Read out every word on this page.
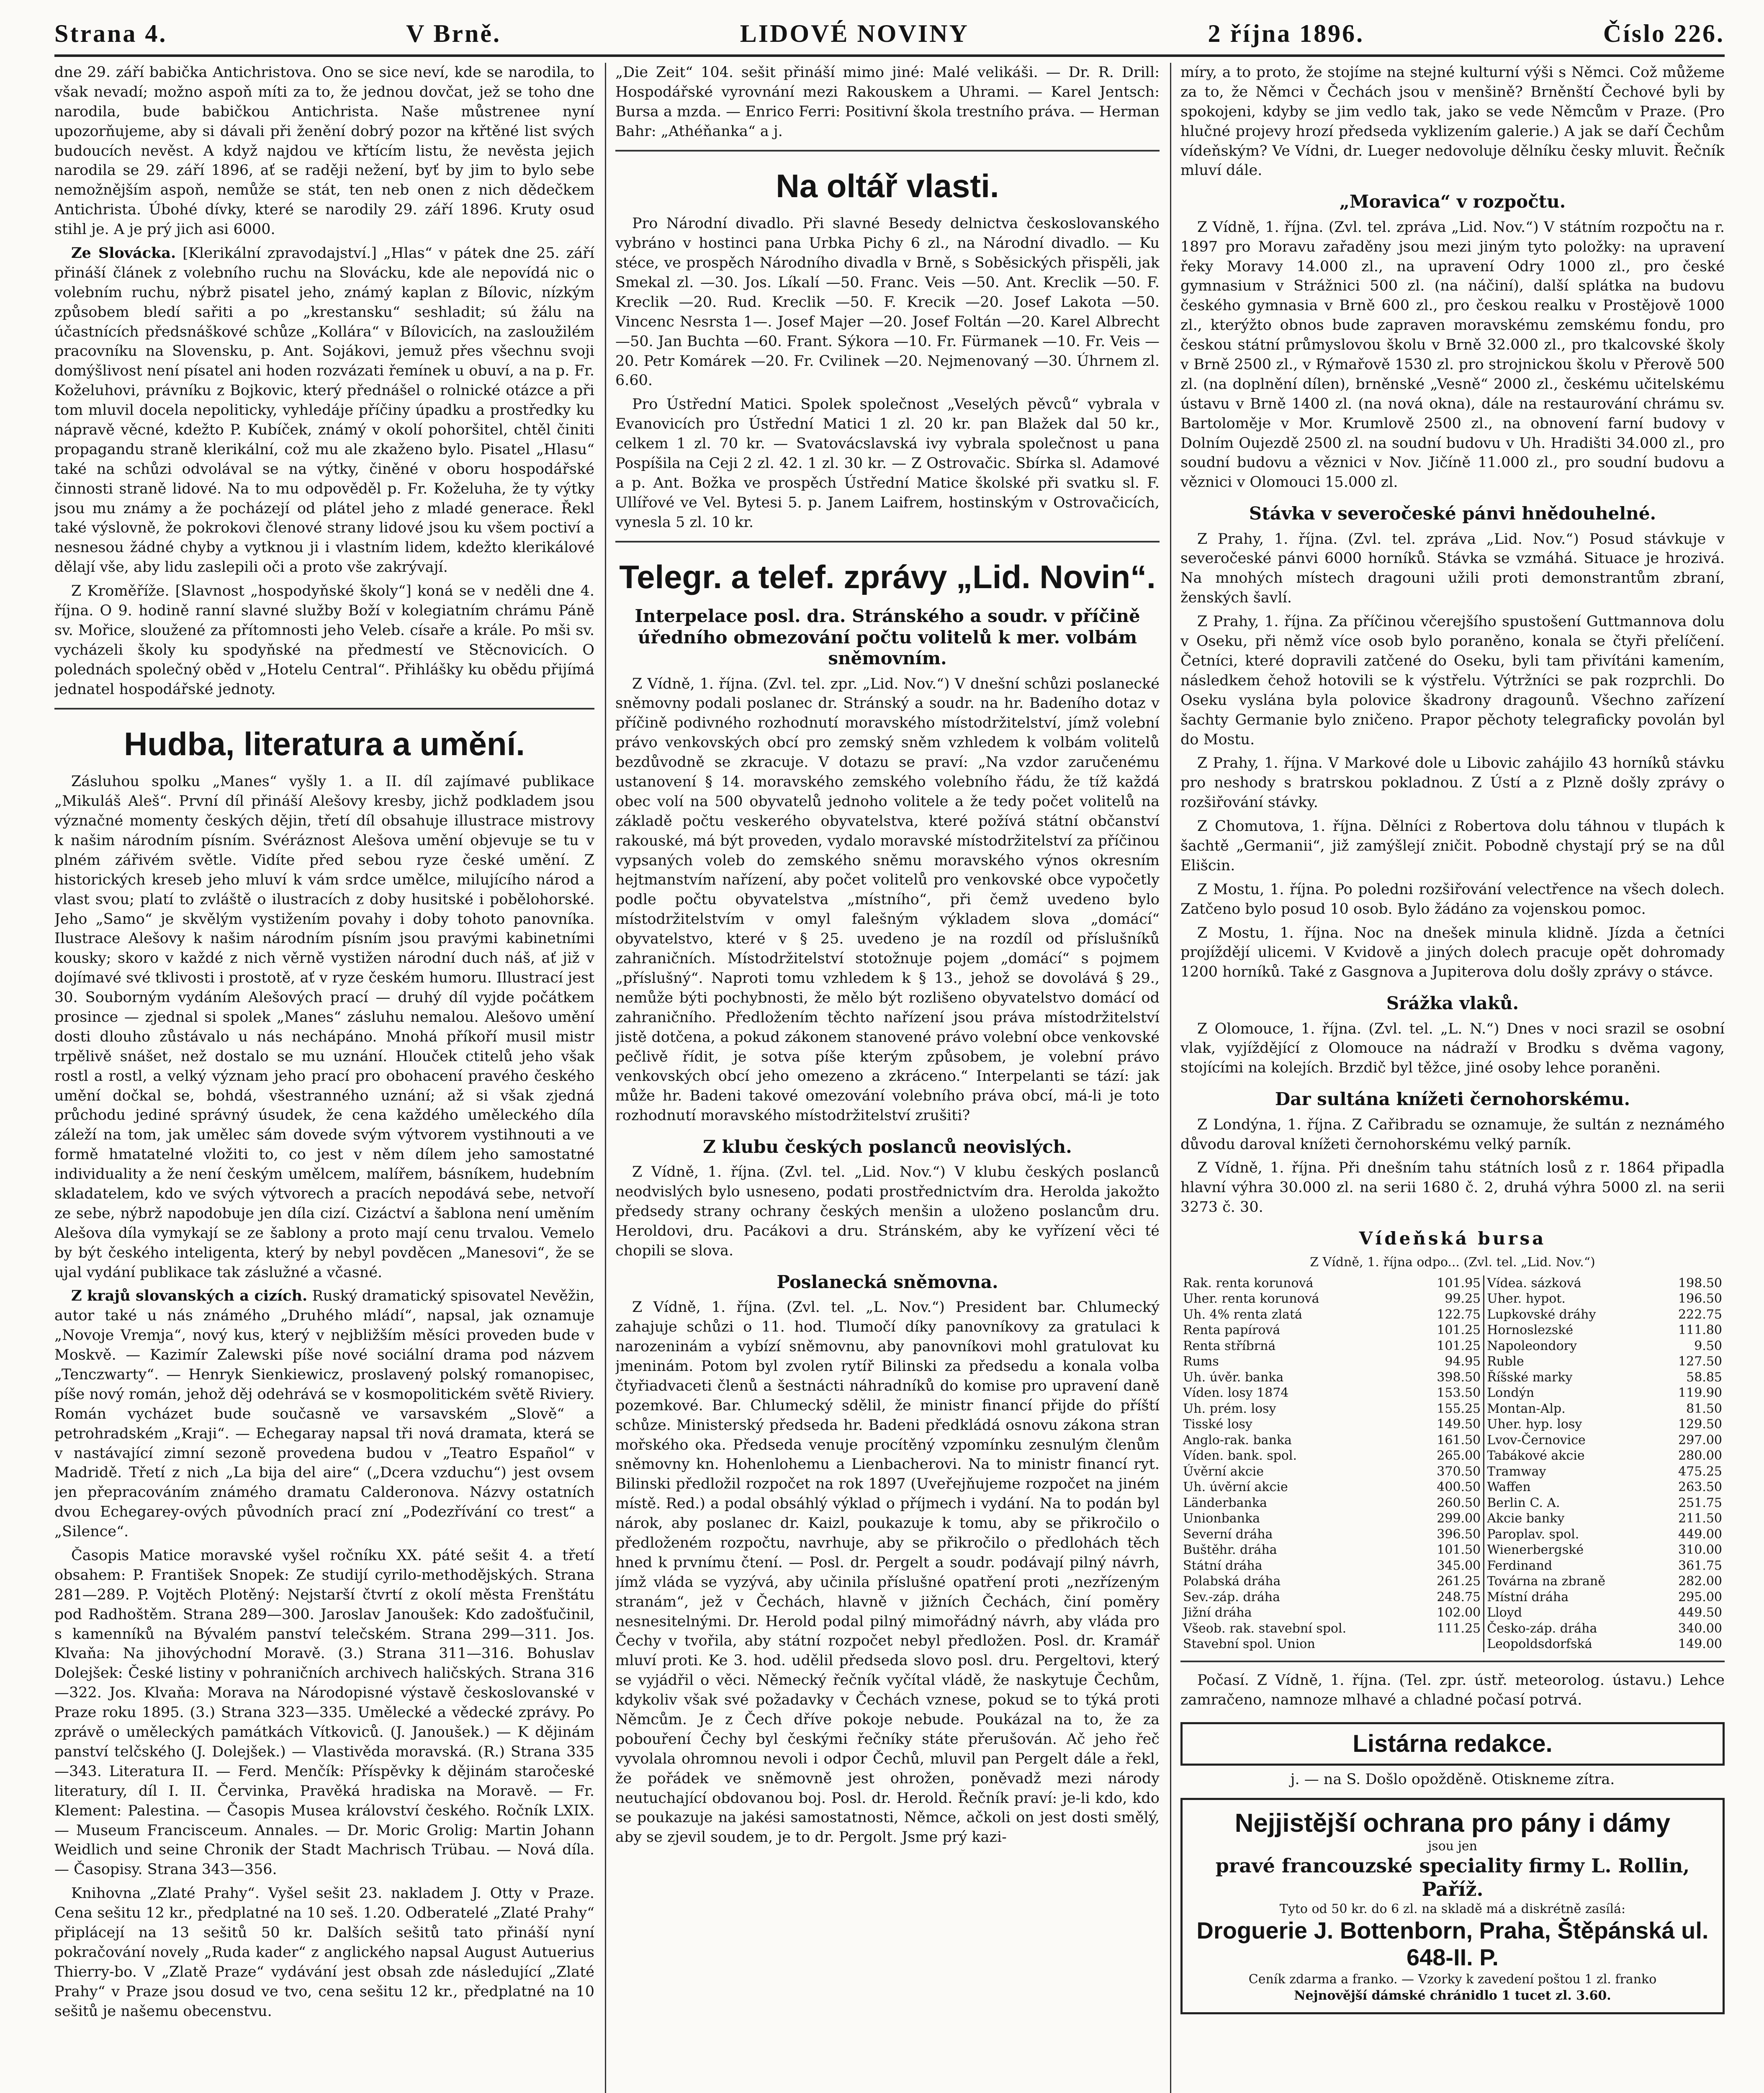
Strana 4.	V Brně.	LIDOVÉ NOVINY	2 října 1896.	Číslo 226.

dne 29. září babička Antichristova. Ono se sice neví, kde se narodila, to však nevadí; možno aspoň míti za to, že jednou dovčat, jež se toho dne narodila, bude babičkou Antichrista. Naše můstrenee nyní upozorňujeme, aby si dávali při ženění dobrý pozor na křtěné list svých budoucích nevěst. A když najdou ve křtícím listu, že nevěsta jejich narodila se 29. září 1896, ať se raději nežení, byť by jim to bylo sebe nemožnějším aspoň, nemůže se stát, ten neb onen z nich dědečkem Antichrista. Úbohé dívky, které se narodily 29. září 1896. Kruty osud stihl je. A je prý jich asi 6000.

Ze Slovácka. [Klerikální zpravodajství.] „Hlas“ v pátek dne 25. září přináší článek z volebního ruchu na Slovácku, kde ale nepovídá nic o volebním ruchu, nýbrž pisatel jeho, známý kaplan z Bílovic, nízkým způsobem bledí sařiti a po „krestansku“ seshladit; sú žálu na účastnících předsnáškové schůze „Kollára“ v Bílovicích, na zasloužilém pracovníku na Slovensku, p. Ant. Sojákovi, jemuž přes všechnu svoji domýšlivost není písatel ani hoden rozvázati řemínek u obuví, a na p. Fr. Koželuhovi, právníku z Bojkovic, který přednášel o rolnické otázce a při tom mluvil docela nepoliticky, vyhledáje příčiny úpadku a prostředky ku nápravě věcné, kdežto P. Kubíček, známý v okolí pohoršitel, chtěl činiti propagandu straně klerikální, což mu ale zkaženo bylo. Pisatel „Hlasu“ také na schůzi odvolával se na výtky, činěné v oboru hospodářské činnosti straně lidové. Na to mu odpověděl p. Fr. Koželuha, že ty výtky jsou mu známy a že pocházejí od plátel jeho z mladé generace. Řekl také výslovně, že pokrokovi členové strany lidové jsou ku všem poctiví a nesnesou žádné chyby a vytknou ji i vlastním lidem, kdežto klerikálové dělají vše, aby lidu zaslepili oči a proto vše zakrývají.

Z Kroměříže. [Slavnost „hospodyňské školy“] koná se v neděli dne 4. října. O 9. hodině ranní slavné služby Boží v kolegiatním chrámu Páně sv. Mořice, sloužené za přítomnosti jeho Veleb. císaře a krále. Po mši sv. vycházeli školy ku spodyňské na předmestí ve Stěcnovicích. O polednách společný oběd v „Hotelu Central“. Přihlášky ku obědu přijímá jednatel hospodářské jednoty.

Hudba, literatura a umění.

Zásluhou spolku „Manes“ vyšly 1. a II. díl zajímavé publikace „Mikuláš Aleš“. První díl přináší Alešovy kresby, jichž podkladem jsou význačné momenty českých dějin, třetí díl obsahuje illustrace mistrovy k našim národním písním. Svéráznost Alešova umění objevuje se tu v plném zářivém světle. Vidíte před sebou ryze české umění. Z historických kreseb jeho mluví k vám srdce umělce, milujícího národ a vlast svou; platí to zvláště o ilustracích z doby husitské i pobělohorské. Jeho „Samo“ je skvělým vystižením povahy i doby tohoto panovníka. Ilustrace Alešovy k našim národním písním jsou pravými kabinetními kousky; skoro v každé z nich věrně vystižen národní duch náš, ať již v dojímavé své tklivosti i prostotě, ať v ryze českém humoru. Illustrací jest 30. Souborným vydáním Alešových prací — druhý díl vyjde počátkem prosince — zjednal si spolek „Manes“ zásluhu nemalou. Alešovo umění dosti dlouho zůstávalo u nás nechápáno. Mnohá příkoří musil mistr trpělivě snášet, než dostalo se mu uznání. Hlouček ctitelů jeho však rostl a rostl, a velký význam jeho prací pro obohacení pravého českého umění dočkal se, bohdá, všestranného uznání; až si však zjedná průchodu jediné správný úsudek, že cena každého uměleckého díla záleží na tom, jak umělec sám dovede svým výtvorem vystihnouti a ve formě hmatatelné vložiti to, co jest v něm dílem jeho samostatné individuality a že není českým umělcem, malířem, básníkem, hudebním skladatelem, kdo ve svých výtvorech a pracích nepodává sebe, netvoří ze sebe, nýbrž napodobuje jen díla cizí. Cizáctví a šablona není uměním Alešova díla vymykají se ze šablony a proto mají cenu trvalou. Vemelo by být českého inteligenta, který by nebyl povděcen „Manesovi“, že se ujal vydání publikace tak záslužné a včasné.

Z krajů slovanských a cizích. Ruský dramatický spisovatel Nevěžin, autor také u nás známého „Druhého mládí“, napsal, jak oznamuje „Novoje Vremja“, nový kus, který v nejbližším měsíci proveden bude v Moskvě. — Kazimír Zalewski píše nové sociální drama pod názvem „Tenczwarty“. — Henryk Sienkiewicz, proslavený polský romanopisec, píše nový román, jehož děj odehrává se v kosmopolitickém světě Riviery. Román vycházet bude současně ve varsavském „Slově“ a petrohradském „Kraji“. — Echegaray napsal tři nová dramata, která se v nastávající zimní sezoně provedena budou v „Teatro Español“ v Madridě. Třetí z nich „La bija del aire“ („Dcera vzduchu“) jest ovsem jen přepracováním známého dramatu Calderonova. Názvy ostatních dvou Echegarey-ových původních prací zní „Podezřívání co trest“ a „Silence“.

Časopis Matice moravské vyšel ročníku XX. páté sešit 4. a třetí obsahem: P. František Snopek: Ze studijí cyrilo-methodějských. Strana 281—289. P. Vojtěch Plotěný: Nejstarší čtvrtí z okolí města Frenštátu pod Radhoštěm. Strana 289—300. Jaroslav Janoušek: Kdo zadošťučinil, s kamenníků na Bývalém panství telečském. Strana 299—311. Jos. Klvaňa: Na jihovýchodní Moravě. (3.) Strana 311—316. Bohuslav Dolejšek: České listiny v pohraničních archivech haličských. Strana 316—322. Jos. Klvaňa: Morava na Národopisné výstavě českoslovanské v Praze roku 1895. (3.) Strana 323—335. Umělecké a vědecké zprávy. Po zprávě o uměleckých památkách Vítkoviců. (J. Janoušek.) — K dějinám panství telčského (J. Dolejšek.) — Vlastivěda moravská. (R.) Strana 335—343. Literatura II. — Ferd. Menčík: Příspěvky k dějinám staročeské literatury, díl I. II. Červinka, Pravěká hradiska na Moravě. — Fr. Klement: Palestina. — Časopis Musea království českého. Ročník LXIX. — Museum Francisceum. Annales. — Dr. Moric Grolig: Martin Johann Weidlich und seine Chronik der Stadt Machrisch Trübau. — Nová díla. — Časopisy. Strana 343—356.

Knihovna „Zlaté Prahy“. Vyšel sešit 23. nakladem J. Otty v Praze. Cena sešitu 12 kr., předplatné na 10 seš. 1.20. Odberatelé „Zlaté Prahy“ připlácejí na 13 sešitů 50 kr. Dalších sešitů tato přináší nyní pokračování novely „Ruda kader“ z anglického napsal August Autuerius Thierry-bo. V „Zlatě Praze“ vydávání jest obsah zde následující „Zlaté Prahy“ v Praze jsou dosud ve tvo, cena sešitu 12 kr., předplatné na 10 sešitů je našemu obecenstvu.

„Die Zeit“ 104. sešit přináší mimo jiné: Malé velikáši. — Dr. R. Drill: Hospodářské vyrovnání mezi Rakouskem a Uhrami. — Karel Jentsch: Bursa a mzda. — Enrico Ferri: Positivní škola trestního práva. — Herman Bahr: „Athéňanka“ a j.

Na oltář vlasti.

Pro Národní divadlo. Při slavné Besedy delnictva českoslovanského vybráno v hostinci pana Urbka Pichy 6 zl., na Národní divadlo. — Ku stéce, ve prospěch Národního divadla v Brně, s Soběsických přispěli, jak Smekal zl. —30. Jos. Líkalí —50. Franc. Veis —50. Ant. Kreclik —50. F. Kreclik —20. Rud. Kreclik —50. F. Krecik —20. Josef Lakota —50. Vincenc Nesrsta 1—. Josef Majer —20. Josef Foltán —20. Karel Albrecht —50. Jan Buchta —60. Frant. Sýkora —10. Fr. Fürmanek —10. Fr. Veis —20. Petr Komárek —20. Fr. Cvilinek —20. Nejmenovaný —30. Úhrnem zl. 6.60.

Pro Ústřední Matici. Spolek společnost „Veselých pěvců“ vybrala v Evanovicích pro Ústřední Matici 1 zl. 20 kr. pan Blažek dal 50 kr., celkem 1 zl. 70 kr. — Svatovácslavská ivy vybrala společnost u pana Pospíšila na Ceji 2 zl. 42. 1 zl. 30 kr. — Z Ostrovačic. Sbírka sl. Adamové a p. Ant. Božka ve prospěch Ústřední Matice školské při svatku sl. F. Ullířové ve Vel. Bytesi 5. p. Janem Laifrem, hostinským v Ostrovačicích, vynesla 5 zl. 10 kr.

Telegr. a telef. zprávy „Lid. Novin“.
Interpelace posl. dra. Stránského a soudr. v příčině úředního obmezování počtu volitelů k mer. volbám sněmovním.

Z Vídně, 1. října. (Zvl. tel. zpr. „Lid. Nov.“) V dnešní schůzi poslanecké sněmovny podali poslanec dr. Stránský a soudr. na hr. Badeního dotaz v příčině podivného rozhodnutí moravského místodržitelství, jímž volební právo venkovských obcí pro zemský sněm vzhledem k volbám volitelů bezdůvodně se zkracuje. V dotazu se praví: „Na vzdor zaručenému ustanovení § 14. moravského zemského volebního řádu, že tíž každá obec volí na 500 obyvatelů jednoho volitele a že tedy počet volitelů na základě počtu veskerého obyvatelstva, které požívá státní občanství rakouské, má být proveden, vydalo moravské místodržitelství za příčinou vypsaných voleb do zemského sněmu moravského výnos okresním hejtmanstvím nařízení, aby počet volitelů pro venkovské obce vypočetly podle počtu obyvatelstva „místního“, při čemž uvedeno bylo místodržitelstvím v omyl falešným výkladem slova „domácí“ obyvatelstvo, které v § 25. uvedeno je na rozdíl od příslušníků zahraničních. Místodržitelství stotožnuje pojem „domácí“ s pojmem „příslušný“. Naproti tomu vzhledem k § 13., jehož se dovolává § 29., nemůže býti pochybnosti, že mělo být rozlišeno obyvatelstvo domácí od zahraničního. Předložením těchto nařízení jsou práva místodržitelství jistě dotčena, a pokud zákonem stanovené právo volební obce venkovské pečlivě řídit, je sotva píše kterým způsobem, je volební právo venkovských obcí jeho omezeno a zkráceno.“ Interpelanti se tází: jak může hr. Badeni takové omezování volebního práva obcí, má-li je toto rozhodnutí moravského místodržitelství zrušiti?

Z klubu českých poslanců neovislých.

Z Vídně, 1. října. (Zvl. tel. „Lid. Nov.“) V klubu českých poslanců neodvislých bylo usneseno, podati prostřednictvím dra. Herolda jakožto předsedy strany ochrany českých menšin a uloženo poslancům dru. Heroldovi, dru. Pacákovi a dru. Stránském, aby ke vyřízení věci té chopili se slova.

Poslanecká sněmovna.

Z Vídně, 1. října. (Zvl. tel. „L. Nov.“) President bar. Chlumecký zahajuje schůzi o 11. hod. Tlumočí díky panovníkovy za gratulaci k narozeninám a vybízí sněmovnu, aby panovníkovi mohl gratulovat ku jmeninám. Potom byl zvolen rytíř Bilinski za předsedu a konala volba čtyřiadvaceti členů a šestnácti náhradníků do komise pro upravení daně pozemkové. Bar. Chlumecký sdělil, že ministr financí přijde do příští schůze. Ministerský předseda hr. Badeni předkládá osnovu zákona stran mořského oka. Předseda venuje procítěný vzpomínku zesnulým členům sněmovny kn. Hohenlohemu a Lienbacherovi. Na to ministr financí ryt. Bilinski předložil rozpočet na rok 1897 (Uveřejňujeme rozpočet na jiném místě. Red.) a podal obsáhlý výklad o příjmech i vydání. Na to podán byl nárok, aby poslanec dr. Kaizl, poukazuje k tomu, aby se přikročilo o předloženém rozpočtu, navrhuje, aby se přikročilo o předlohách těch hned k prvnímu čtení. — Posl. dr. Pergelt a soudr. podávají pilný návrh, jímž vláda se vyzývá, aby učinila příslušné opatření proti „nezřízeným stranám“, jež v Čechách, hlavně v jižních Čechách, činí poměry nesnesitelnými. Dr. Herold podal pilný mimořádný návrh, aby vláda pro Čechy v tvořila, aby státní rozpočet nebyl předložen. Posl. dr. Kramář mluví proti. Ke 3. hod. udělil předseda slovo posl. dru. Pergeltovi, který se vyjádřil o věci. Německý řečník vyčítal vládě, že naskytuje Čechům, kdykoliv však své požadavky v Čechách vznese, pokud se to týká proti Němcům. Je z Čech dříve pokoje nebude. Poukázal na to, že za pobouření Čechy byl českými řečníky státe přerušován. Ač jeho řeč vyvolala ohromnou nevoli i odpor Čechů, mluvil pan Pergelt dále a řekl, že pořádek ve sněmovně jest ohrožen, poněvadž mezi národy neutuchající obdovanou boj. Posl. dr. Herold. Řečník praví: je-li kdo, kdo se poukazuje na jakési samostatnosti, Němce, ačkoli on jest dosti smělý, aby se zjevil soudem, je to dr. Pergolt. Jsme prý kazi-

míry, a to proto, že stojíme na stejné kulturní výši s Němci. Což můžeme za to, že Němci v Čechách jsou v menšině? Brněnští Čechové byli by spokojeni, kdyby se jim vedlo tak, jako se vede Němcům v Praze. (Pro hlučné projevy hrozí předseda vyklizením galerie.) A jak se daří Čechům vídeňským? Ve Vídni, dr. Lueger nedovoluje dělníku česky mluvit. Řečník mluví dále.

„Moravica“ v rozpočtu.

Z Vídně, 1. října. (Zvl. tel. zpráva „Lid. Nov.“) V státním rozpočtu na r. 1897 pro Moravu zařaděny jsou mezi jiným tyto položky: na upravení řeky Moravy 14.000 zl., na upravení Odry 1000 zl., pro české gymnasium v Strážnici 500 zl. (na náčiní), další splátka na budovu českého gymnasia v Brně 600 zl., pro českou realku v Prostějově 1000 zl., kterýžto obnos bude zapraven moravskému zemskému fondu, pro českou státní průmyslovou školu v Brně 32.000 zl., pro tkalcovské školy v Brně 2500 zl., v Rýmařově 1530 zl. pro strojnickou školu v Přerově 500 zl. (na doplnění dílen), brněnské „Vesně“ 2000 zl., českému učitelskému ústavu v Brně 1400 zl. (na nová okna), dále na restaurování chrámu sv. Bartoloměje v Mor. Krumlově 2500 zl., na obnovení farní budovy v Dolním Oujezdě 2500 zl. na soudní budovu v Uh. Hradišti 34.000 zl., pro soudní budovu a věznici v Nov. Jičíně 11.000 zl., pro soudní budovu a věznici v Olomouci 15.000 zl.

Stávka v severočeské pánvi hnědouhelné.

Z Prahy, 1. října. (Zvl. tel. zpráva „Lid. Nov.“) Posud stávkuje v severočeské pánvi 6000 horníků. Stávka se vzmáhá. Situace je hrozivá. Na mnohých místech dragouni užili proti demonstrantům zbraní, ženských šavlí.

Z Prahy, 1. října. Za příčinou včerejšího spustošení Guttmannova dolu v Oseku, při němž více osob bylo poraněno, konala se čtyři přelíčení. Četníci, které dopravili zatčené do Oseku, byli tam přivítáni kamením, následkem čehož hotovili se k výstřelu. Výtržníci se pak rozprchli. Do Oseku vyslána byla polovice škadrony dragounů. Všechno zařízení šachty Germanie bylo zničeno. Prapor pěchoty telegraficky povolán byl do Mostu.

Z Prahy, 1. října. V Markové dole u Libovic zahájilo 43 horníků stávku pro neshody s bratrskou pokladnou. Z Ústí a z Plzně došly zprávy o rozšiřování stávky.

Z Chomutova, 1. října. Dělníci z Robertova dolu táhnou v tlupách k šachtě „Germanii“, již zamýšlejí zničit. Pobodně chystají prý se na důl Elišcin.

Z Mostu, 1. října. Po poledni rozšiřování velectřence na všech dolech. Zatčeno bylo posud 10 osob. Bylo žádáno za vojenskou pomoc.

Z Mostu, 1. října. Noc na dnešek minula klidně. Jízda a četníci projíždějí ulicemi. V Kvidově a jiných dolech pracuje opět dohromady 1200 horníků. Také z Gasgnova a Jupiterova dolu došly zprávy o stávce.

Srážka vlaků.

Z Olomouce, 1. října. (Zvl. tel. „L. N.“) Dnes v noci srazil se osobní vlak, vyjíždějící z Olomouce na nádraží v Brodku s dvěma vagony, stojícími na kolejích. Brzdič byl těžce, jiné osoby lehce poraněni.

Dar sultána knížeti černohorskému.

Z Londýna, 1. října. Z Cařibradu se oznamuje, že sultán z neznámého důvodu daroval knížeti černohorskému velký parník.

Z Vídně, 1. října. Při dnešním tahu státních losů z r. 1864 připadla hlavní výhra 30.000 zl. na serii 1680 č. 2, druhá výhra 5000 zl. na serii 3273 č. 30.

Vídeňská bursa

Z Vídně, 1. října odpo... (Zvl. tel. „Lid. Nov.“)

Rak. renta korunová	101.95	Vídea. sázková	198.50
Uher. renta korunová	99.25	Uher. hypot.	196.50
Uh. 4% renta zlatá	122.75	Lupkovské dráhy	222.75
Renta papírová	101.25	Hornoslezské	111.80
Renta stříbrná	101.25	Napoleondory	9.50
Rums	94.95	Ruble	127.50
Uh. úvěr. banka	398.50	Říšské marky	58.85
Víden. losy 1874	153.50	Londýn	119.90
Uh. prém. losy	155.25	Montan-Alp.	81.50
Tisské losy	149.50	Uher. hyp. losy	129.50
Anglo-rak. banka	161.50	Lvov-Černovice	297.00
Víden. bank. spol.	265.00	Tabákové akcie	280.00
Úvěrní akcie	370.50	Tramway	475.25
Uh. úvěrní akcie	400.50	Waffen	263.50
Länderbanka	260.50	Berlin C. A.	251.75
Unionbanka	299.00	Akcie banky	211.50
Severní dráha	396.50	Paroplav. spol.	449.00
Buštěhr. dráha	101.50	Wienerbergské	310.00
Státní dráha	345.00	Ferdinand	361.75
Polabská dráha	261.25	Továrna na zbraně	282.00
Sev.-záp. dráha	248.75	Místní dráha	295.00
Jižní dráha	102.00	Lloyd	449.50
Všeob. rak. stavební spol.	111.25	Česko-záp. dráha	340.00
Stavební spol. Union		Leopoldsdorfská	149.00

Počasí. Z Vídně, 1. října. (Tel. zpr. ústř. meteorolog. ústavu.) Lehce zamračeno, namnoze mlhavé a chladné počasí potrvá.

Listárna redakce.

j. — na S. Došlo opožděně. Otiskneme zítra.

Nejjistější ochrana pro pány i dámy
jsou jen
pravé francouzské speciality firmy L. Rollin, Paříž.
Tyto od 50 kr. do 6 zl. na skladě má a diskrétně zasílá:
Droguerie J. Bottenborn, Praha, Štěpánská ul. 648-II. P.
Ceník zdarma a franko. — Vzorky k zavedení poštou 1 zl. franko
Nejnovější dámské chránidlo 1 tucet zl. 3.60.
